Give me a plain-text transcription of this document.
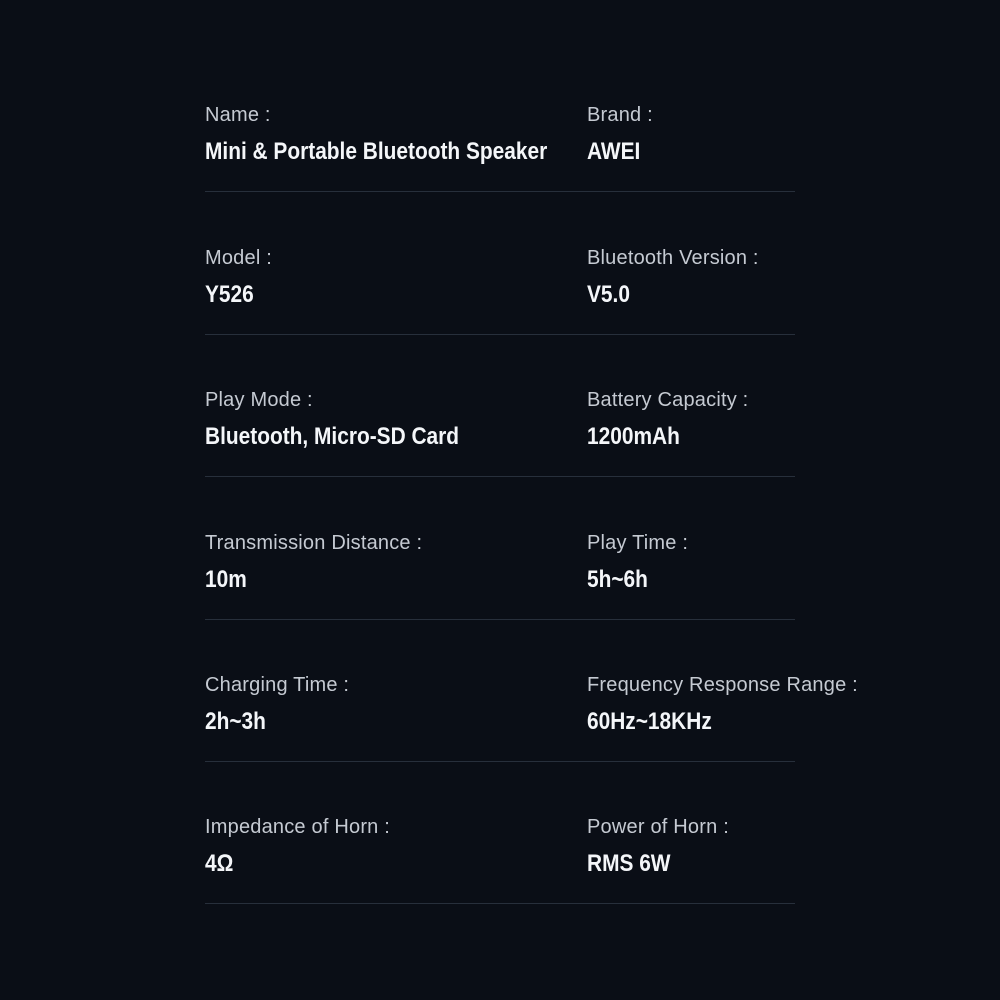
Name :
Mini & Portable Bluetooth Speaker
Brand :
AWEI
Model :
Y526
Bluetooth Version :
V5.0
Play Mode :
Bluetooth, Micro-SD Card
Battery Capacity :
1200mAh
Transmission Distance :
10m
Play Time :
5h~6h
Charging Time :
2h~3h
Frequency Response Range :
60Hz~18KHz
Impedance of Horn :
4Ω
Power of Horn :
RMS 6W
